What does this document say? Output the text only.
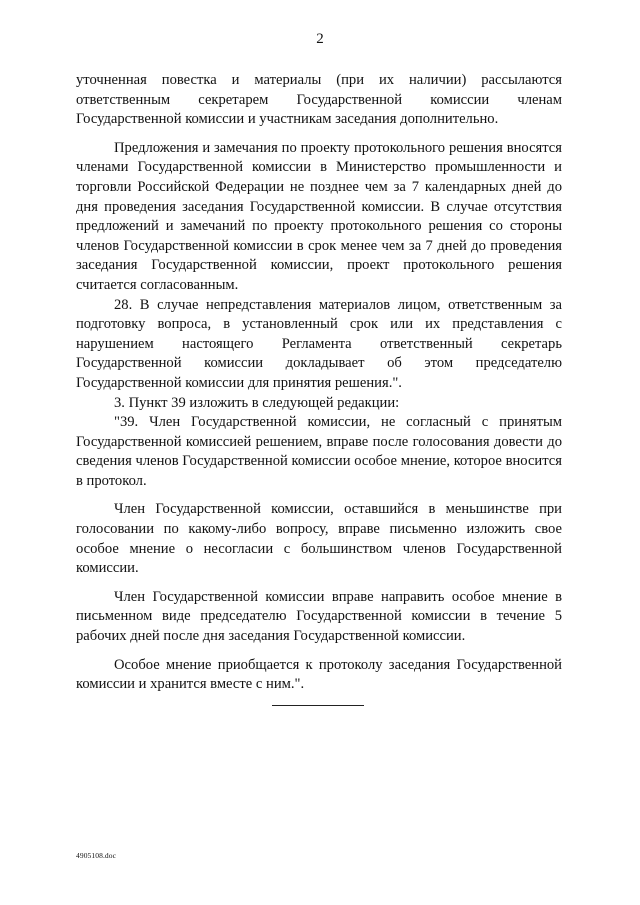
2

уточненная повестка и материалы (при их наличии) рассылаются ответственным секретарем Государственной комиссии членам Государственной комиссии и участникам заседания дополнительно.

Предложения и замечания по проекту протокольного решения вносятся членами Государственной комиссии в Министерство промышленности и торговли Российской Федерации не позднее чем за 7 календарных дней до дня проведения заседания Государственной комиссии. В случае отсутствия предложений и замечаний по проекту протокольного решения со стороны членов Государственной комиссии в срок менее чем за 7 дней до проведения заседания Государственной комиссии, проект протокольного решения считается согласованным.

28. В случае непредставления материалов лицом, ответственным за подготовку вопроса, в установленный срок или их представления с нарушением настоящего Регламента ответственный секретарь Государственной комиссии докладывает об этом председателю Государственной комиссии для принятия решения.".

3. Пункт 39 изложить в следующей редакции:

"39. Член Государственной комиссии, не согласный с принятым Государственной комиссией решением, вправе после голосования довести до сведения членов Государственной комиссии особое мнение, которое вносится в протокол.

Член Государственной комиссии, оставшийся в меньшинстве при голосовании по какому-либо вопросу, вправе письменно изложить свое особое мнение о несогласии с большинством членов Государственной комиссии.

Член Государственной комиссии вправе направить особое мнение в письменном виде председателю Государственной комиссии в течение 5 рабочих дней после дня заседания Государственной комиссии.

Особое мнение приобщается к протоколу заседания Государственной комиссии и хранится вместе с ним.".

4905108.doc
